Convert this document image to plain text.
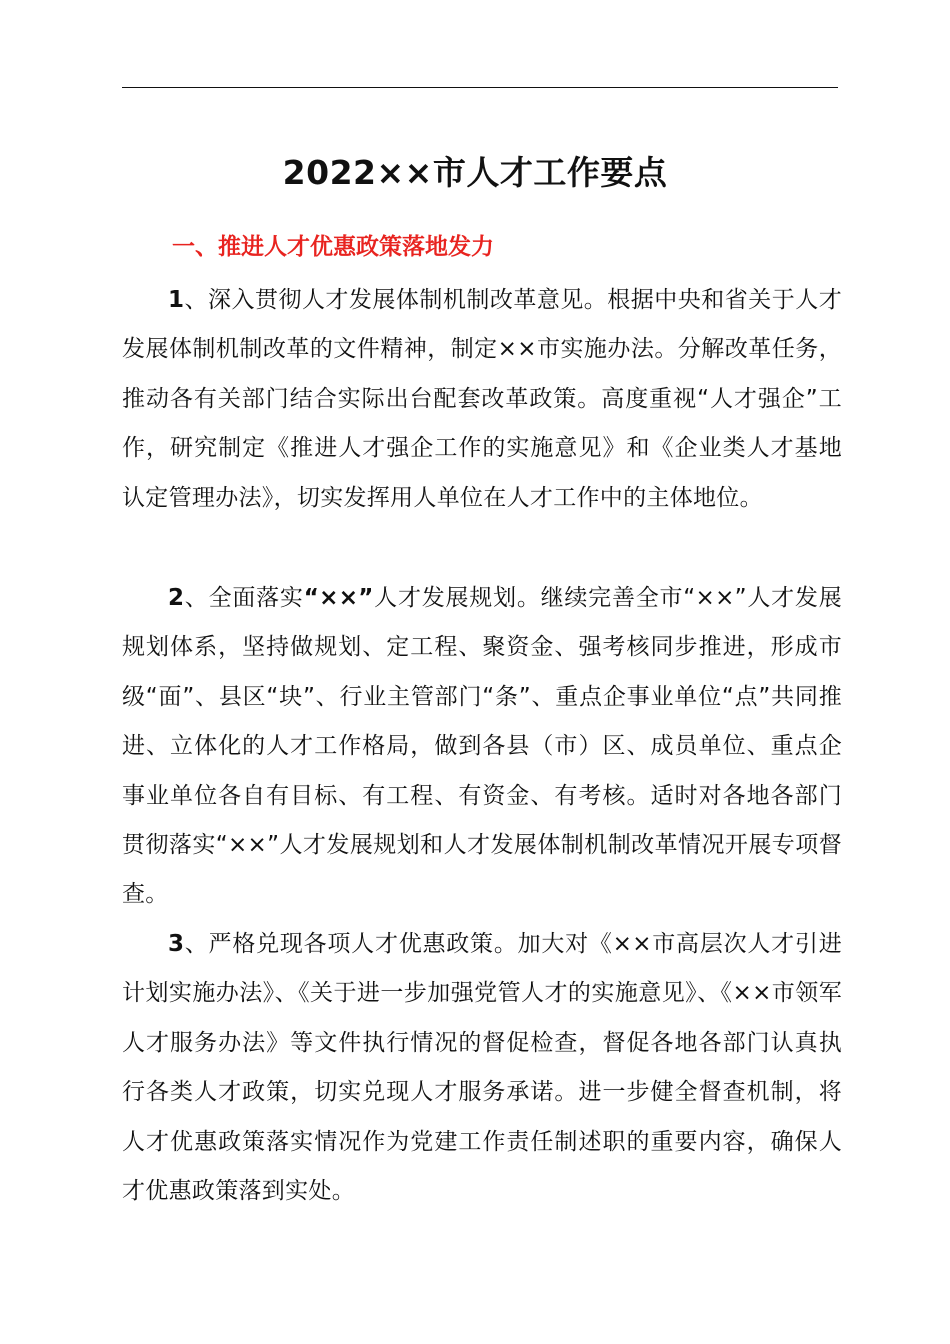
2022××市人才工作要点
一、推进人才优惠政策落地发力

1、深入贯彻人才发展体制机制改革意见。根据中央和省关于人才发展体制机制改革的文件精神，制定××市实施办法。分解改革任务，推动各有关部门结合实际出台配套改革政策。高度重视“人才强企”工作，研究制定《推进人才强企工作的实施意见》和《企业类人才基地认定管理办法》，切实发挥用人单位在人才工作中的主体地位。

2、全面落实“××”人才发展规划。继续完善全市“××”人才发展规划体系，坚持做规划、定工程、聚资金、强考核同步推进，形成市级“面”、县区“块”、行业主管部门“条”、重点企事业单位“点”共同推进、立体化的人才工作格局，做到各县（市）区、成员单位、重点企事业单位各自有目标、有工程、有资金、有考核。适时对各地各部门贯彻落实“××”人才发展规划和人才发展体制机制改革情况开展专项督查。

3、严格兑现各项人才优惠政策。加大对《××市高层次人才引进计划实施办法》、《关于进一步加强党管人才的实施意见》、《××市领军人才服务办法》等文件执行情况的督促检查，督促各地各部门认真执行各类人才政策，切实兑现人才服务承诺。进一步健全督查机制，将人才优惠政策落实情况作为党建工作责任制述职的重要内容，确保人才优惠政策落到实处。
